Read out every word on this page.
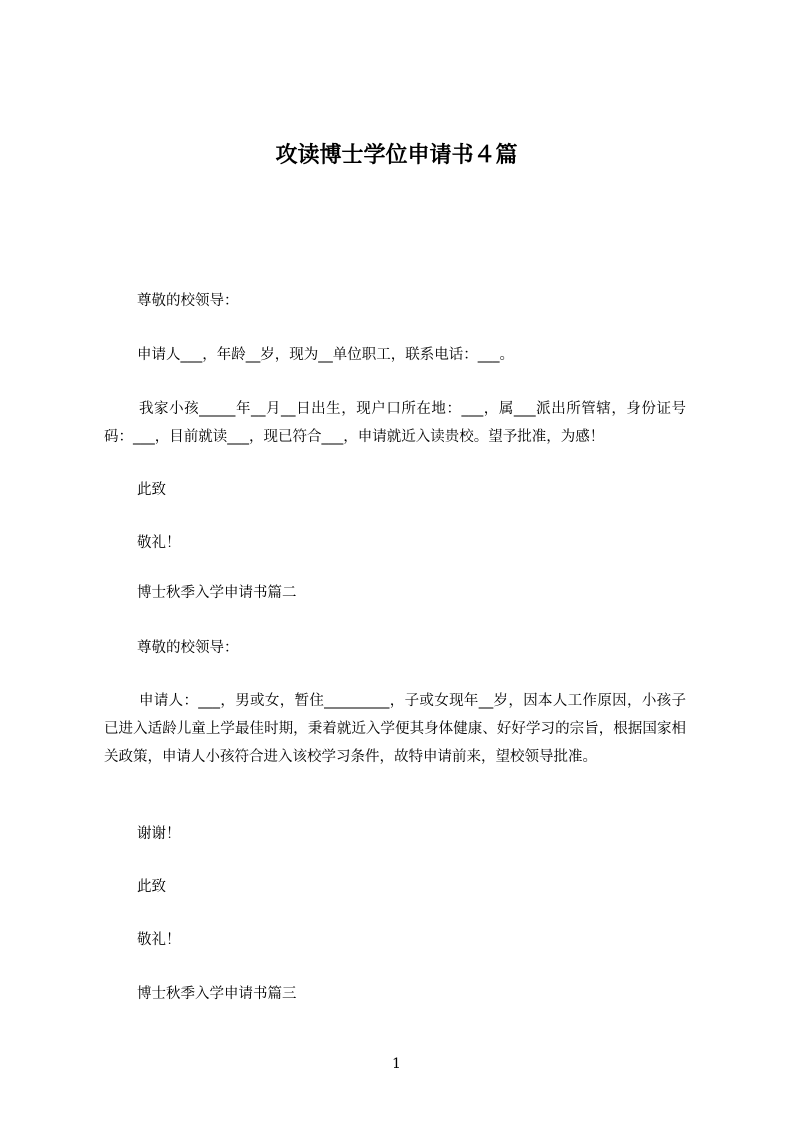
攻读博士学位申请书４篇
尊敬的校领导：
申请人___，年龄__岁，现为__单位职工，联系电话：___。
我家小孩_____年__月__日出生，现户口所在地：___，属___派出所管辖，身份证号码：___，目前就读___，现已符合___，申请就近入读贵校。望予批准，为感！
此致
敬礼！
博士秋季入学申请书篇二
尊敬的校领导：
申请人：___，男或女，暂住_________，子或女现年__岁，因本人工作原因，小孩子已进入适龄儿童上学最佳时期，秉着就近入学便其身体健康、好好学习的宗旨，根据国家相关政策，申请人小孩符合进入该校学习条件，故特申请前来，望校领导批准。
谢谢！
此致
敬礼！
博士秋季入学申请书篇三
1
